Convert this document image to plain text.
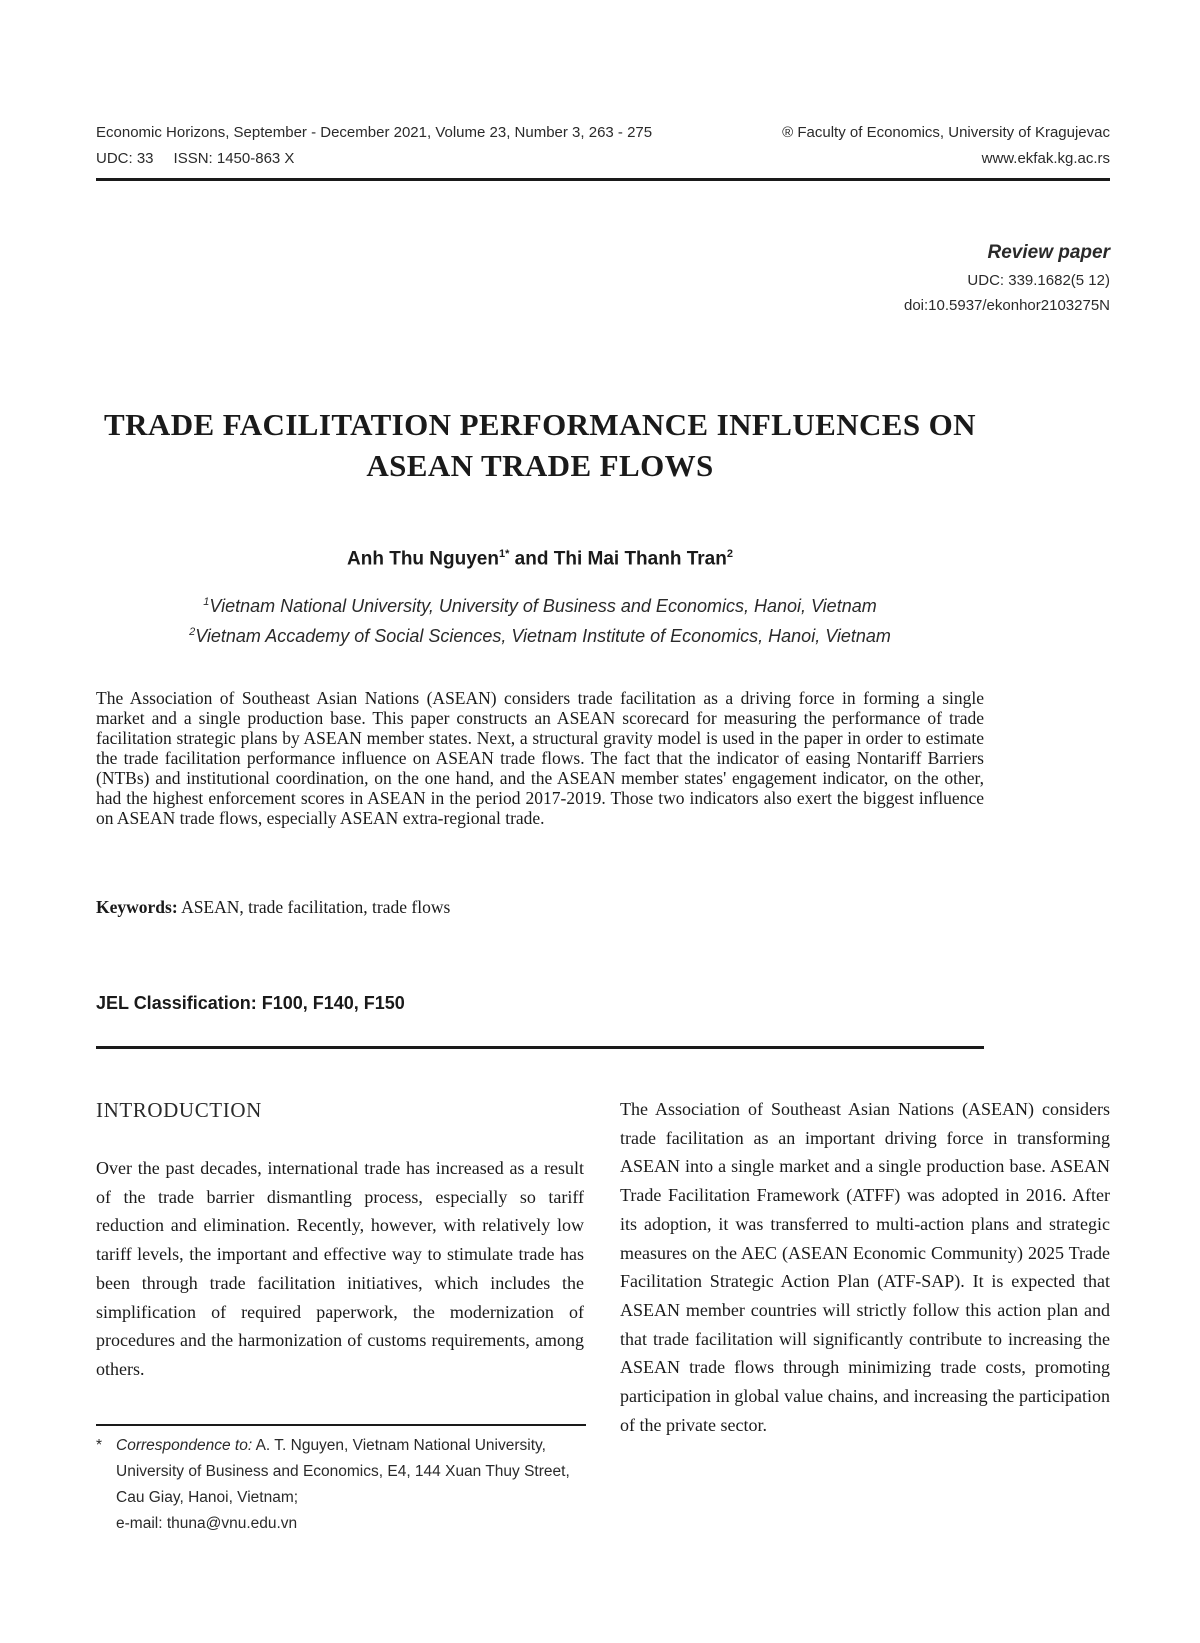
Economic Horizons, September - December 2021, Volume 23, Number 3, 263 - 275	® Faculty of Economics, University of Kragujevac
UDC: 33 ISSN: 1450-863 X	www.ekfak.kg.ac.rs
Review paper
UDC: 339.1682(5 12)
doi:10.5937/ekonhor2103275N
TRADE FACILITATION PERFORMANCE INFLUENCES ON
ASEAN TRADE FLOWS
Anh Thu Nguyen$^{1*}$ and Thi Mai Thanh Tran$^2$
$^1$Vietnam National University, University of Business and Economics, Hanoi, Vietnam
$^2$Vietnam Accademy of Social Sciences, Vietnam Institute of Economics, Hanoi, Vietnam
The Association of Southeast Asian Nations (ASEAN) considers trade facilitation as a driving force in forming a single market and a single production base. This paper constructs an ASEAN scorecard for measuring the performance of trade facilitation strategic plans by ASEAN member states. Next, a structural gravity model is used in the paper in order to estimate the trade facilitation performance influence on ASEAN trade flows. The fact that the indicator of easing Nontariff Barriers (NTBs) and institutional coordination, on the one hand, and the ASEAN member states' engagement indicator, on the other, had the highest enforcement scores in ASEAN in the period 2017-2019. Those two indicators also exert the biggest influence on ASEAN trade flows, especially ASEAN extra-regional trade.
Keywords: ASEAN, trade facilitation, trade flows
JEL Classification: F100, F140, F150
INTRODUCTION
Over the past decades, international trade has increased as a result of the trade barrier dismantling process, especially so tariff reduction and elimination. Recently, however, with relatively low tariff levels, the important and effective way to stimulate trade has been through trade facilitation initiatives, which includes the simplification of required paperwork, the modernization of procedures and the harmonization of customs requirements, among others.
The Association of Southeast Asian Nations (ASEAN) considers trade facilitation as an important driving force in transforming ASEAN into a single market and a single production base. ASEAN Trade Facilitation Framework (ATFF) was adopted in 2016. After its adoption, it was transferred to multi-action plans and strategic measures on the AEC (ASEAN Economic Community) 2025 Trade Facilitation Strategic Action Plan (ATF-SAP). It is expected that ASEAN member countries will strictly follow this action plan and that trade facilitation will significantly contribute to increasing the ASEAN trade flows through minimizing trade costs, promoting participation in global value chains, and increasing the participation of the private sector.
* Correspondence to: A. T. Nguyen, Vietnam National University, University of Business and Economics, E4, 144 Xuan Thuy Street, Cau Giay, Hanoi, Vietnam;
e-mail: thuna@vnu.edu.vn
